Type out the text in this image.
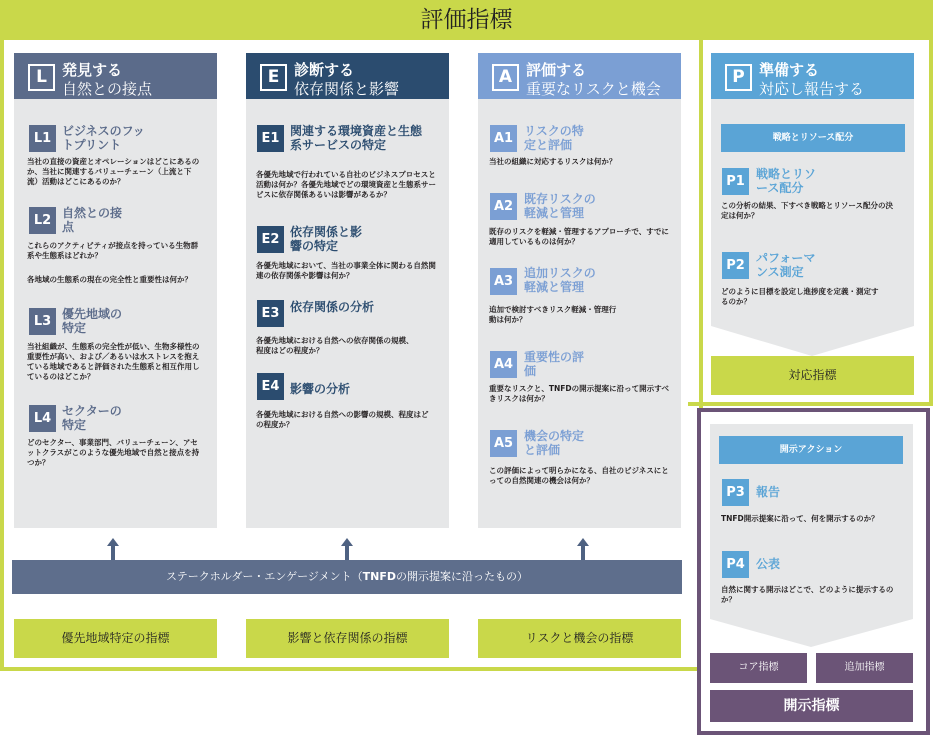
評価指標
L	発見する
自然との接点
L1 ビジネスのフットプリント
当社の直接の資産とオペレーションはどこにあるのか、当社に関連するバリューチェーン（上流と下流）活動はどこにあるのか？
L2 自然との接点
これらのアクティビティが接点を持っている生物群系や生態系はどれか？
各地域の生態系の現在の完全性と重要性は何か？
L3 優先地域の特定
当社組織が、生態系の完全性が低い、生物多様性の重要性が高い、および／あるいは水ストレスを抱えている地域であると評価された生態系と相互作用しているのはどこか？
L4 セクターの特定
どのセクター、事業部門、バリューチェーン、アセットクラスがこのような優先地域で自然と接点を持つか？
E 診断する
依存関係と影響
E1 関連する環境資産と生態系サービスの特定
各優先地域で行われている自社のビジネスプロセスと活動は何か？各優先地域でどの環境資産と生態系サービスに依存関係あるいは影響があるか？
E2 依存関係と影響の特定
各優先地域において、当社の事業全体に関わる自然関連の依存関係や影響は何か？
E3 依存関係の分析
各優先地域における自然への依存関係の規模、程度はどの程度か？
E4 影響の分析
各優先地域における自然への影響の規模、程度はどの程度か？
A 評価する
重要なリスクと機会
A1 リスクの特定と評価
当社の組織に対応するリスクは何か？
A2 既存リスクの軽減と管理
既存のリスクを軽減・管理するアプローチで、すでに適用しているものは何か？
A3
追加リスクの軽減と管理
追加で検討すべきリスク軽減・管理行動は何か？
A4 重要性の評価
重要なリスクと、TNFDの開示提案に沿って開示すべきリスクは何か？
A5 機会の特定と評価
この評価によって明らかになる、自社のビジネスにとっての自然関連の機会は何か？
P 準備する
対応し報告する
戦略とリソース配分
P1 戦略とリソース配分
この分析の結果、下すべき戦略とリソース配分の決定は何か？
P2 パフォーマンス測定
どのように目標を設定し進捗度を定義・測定するのか？
対応指標
開示アクション
P3 報告
TNFD開示提案に沿って、何を開示するのか？
P4 公表
自然に関する開示はどこで、どのように提示するのか？
コア指標	追加指標
開示指標
ステークホルダー・エンゲージメント（TNFDの開示提案に沿ったもの）
優先地域特定の指標	影響と依存関係の指標	リスクと機会の指標
